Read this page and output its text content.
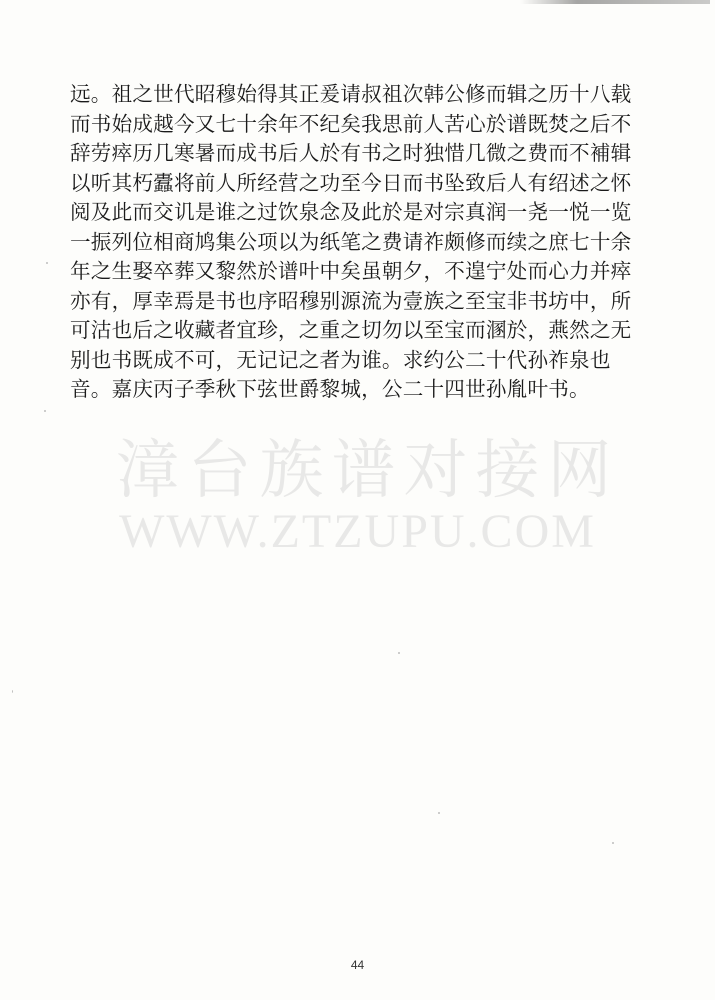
远。祖之世代昭穆始得其正爰请叔祖次韩公修而辑之历十八载
而书始成越今又七十余年不纪矣我思前人苦心於谱既焚之后不
辞劳瘁历几寒暑而成书后人於有书之时独惜几微之费而不補辑
以听其朽蠹将前人所经营之功至今日而书坠致后人有绍述之怀
阅及此而交讥是谁之过饮泉念及此於是对宗真润一尧一悦一览
一振列位相商鸠集公项以为纸笔之费请祚颇修而续之庶七十余
年之生娶卒葬又黎然於谱叶中矣虽朝夕，不遑宁处而心力并瘁
亦有，厚幸焉是书也序昭穆别源流为壹族之至宝非书坊中，所
可沽也后之收藏者宜珍，之重之切勿以至宝而溷於，燕然之无
别也书既成不可，无记记之者为谁。求约公二十代孙祚泉也
音。嘉庆丙子季秋下弦世爵黎城，公二十四世孙胤叶书。
漳台族谱对接网
WWW.ZTZUPU.COM
44
